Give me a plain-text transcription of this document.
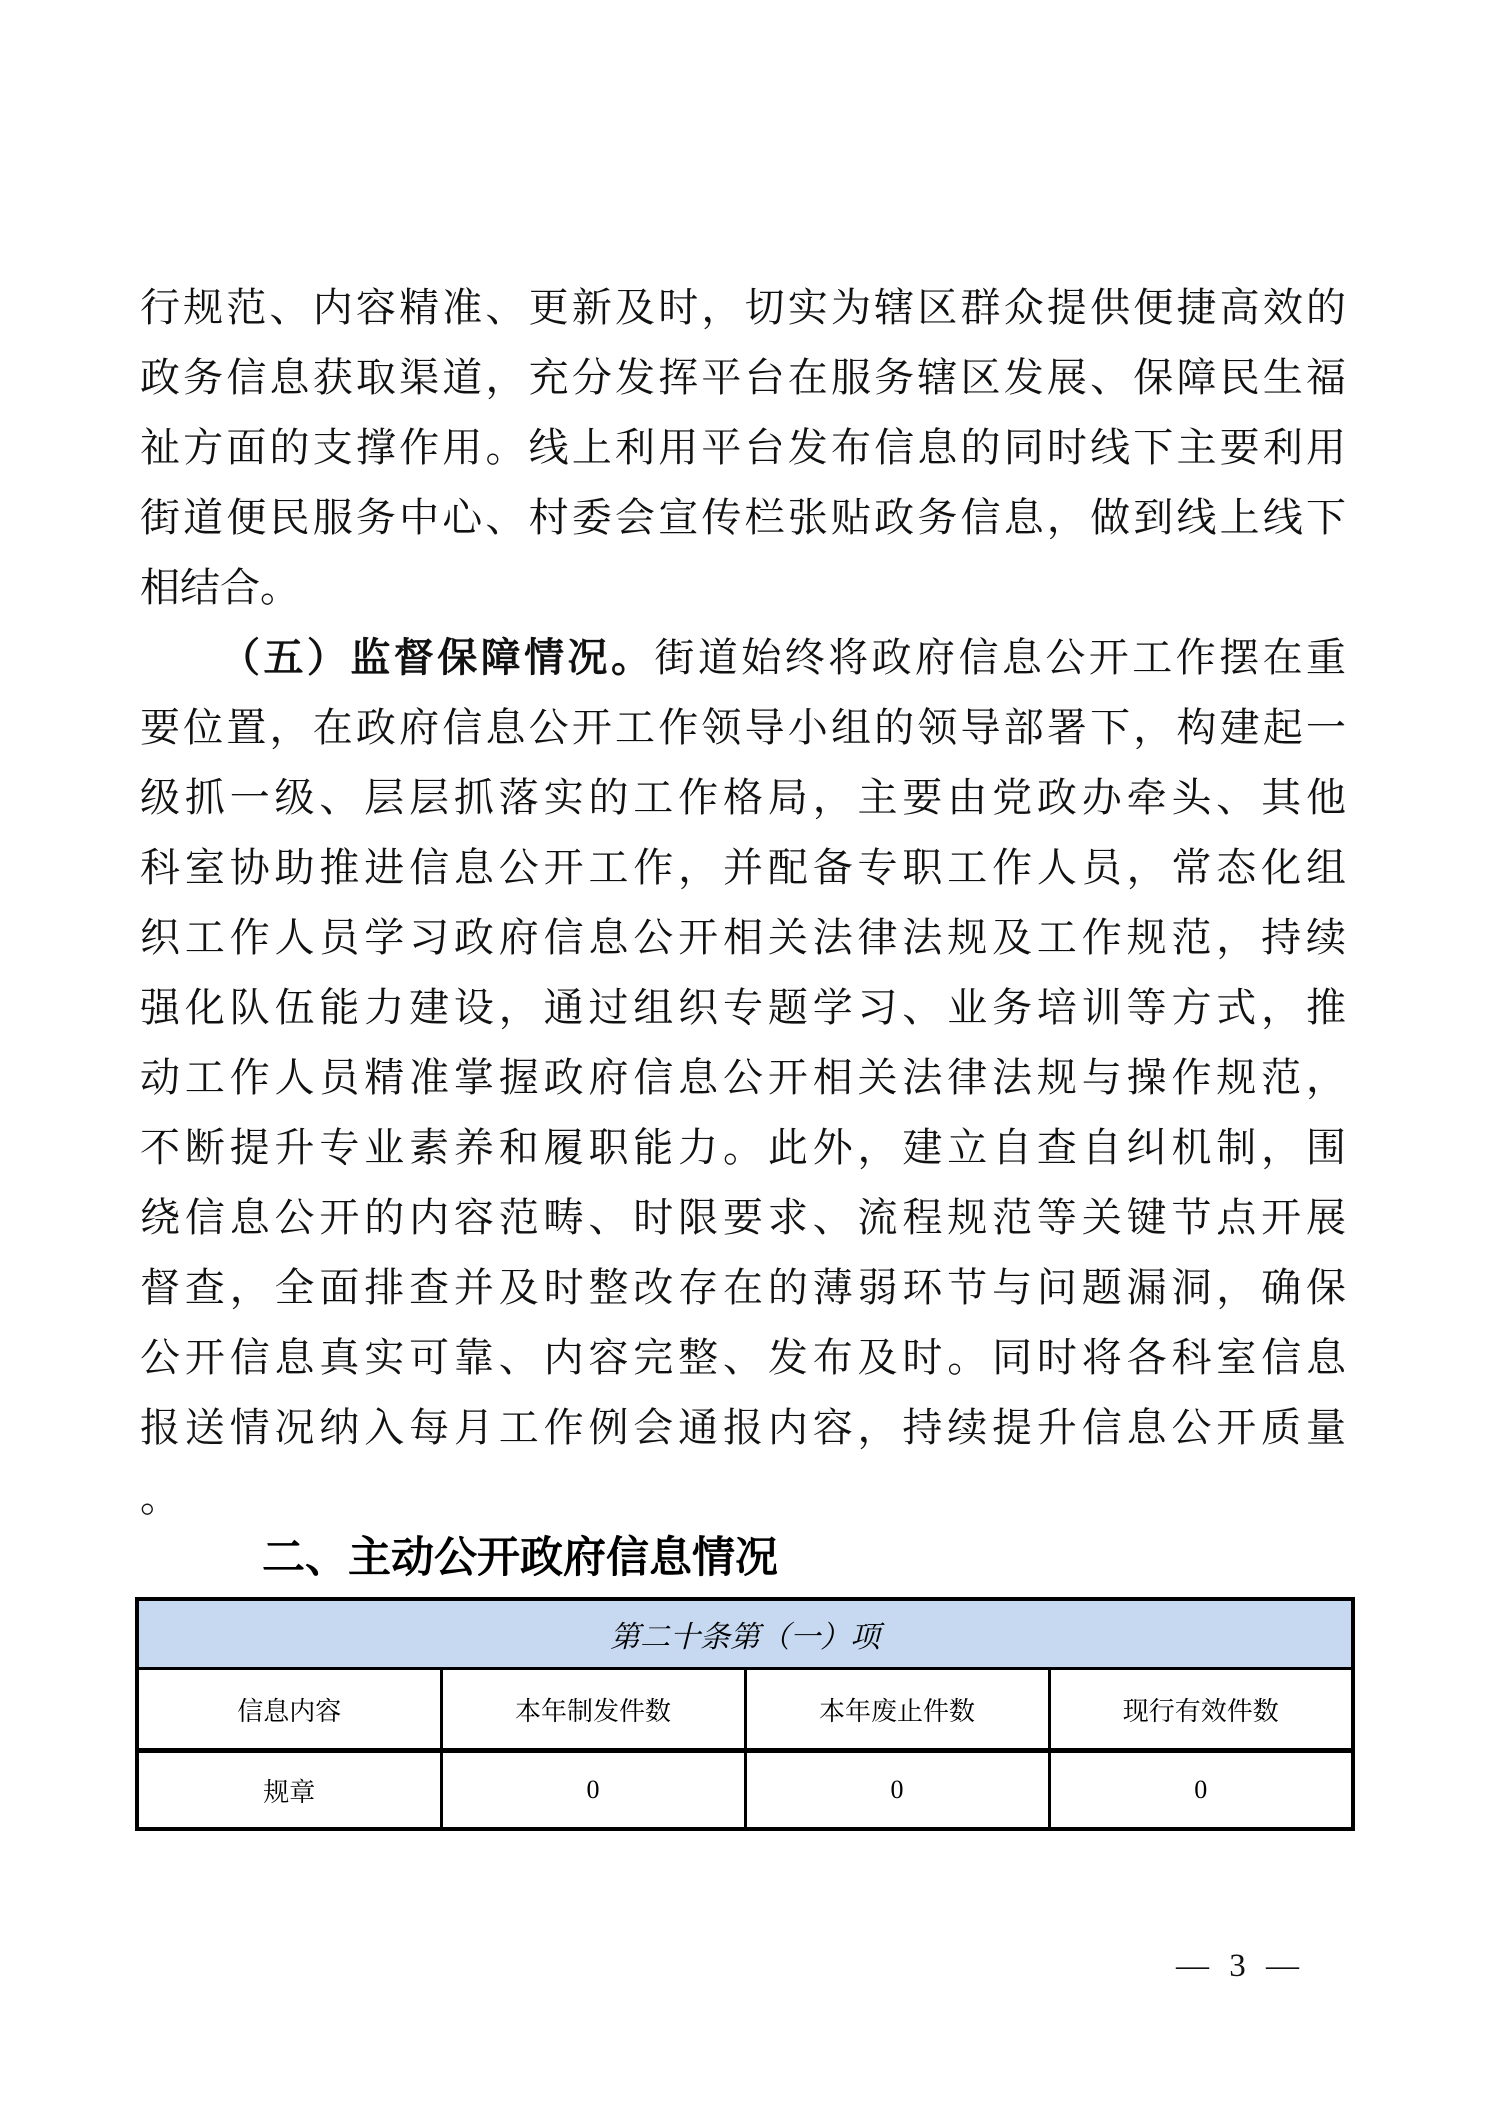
行规范、内容精准、更新及时，切实为辖区群众提供便捷高效的
政务信息获取渠道，充分发挥平台在服务辖区发展、保障民生福
祉方面的支撑作用。线上利用平台发布信息的同时线下主要利用
街道便民服务中心、村委会宣传栏张贴政务信息，做到线上线下
相结合。
（五）监督保障情况。街道始终将政府信息公开工作摆在重
要位置，在政府信息公开工作领导小组的领导部署下，构建起一
级抓一级、层层抓落实的工作格局，主要由党政办牵头、其他
科室协助推进信息公开工作，并配备专职工作人员，常态化组
织工作人员学习政府信息公开相关法律法规及工作规范，持续
强化队伍能力建设，通过组织专题学习、业务培训等方式，推
动工作人员精准掌握政府信息公开相关法律法规与操作规范，
不断提升专业素养和履职能力。此外，建立自查自纠机制，围
绕信息公开的内容范畴、时限要求、流程规范等关键节点开展
督查，全面排查并及时整改存在的薄弱环节与问题漏洞，确保
公开信息真实可靠、内容完整、发布及时。同时将各科室信息
报送情况纳入每月工作例会通报内容，持续提升信息公开质量
。
二、主动公开政府信息情况
第二十条第（一）项			
信息内容	本年制发件数	本年废止件数	现行有效件数
规章	0	0	0
— 3 —
